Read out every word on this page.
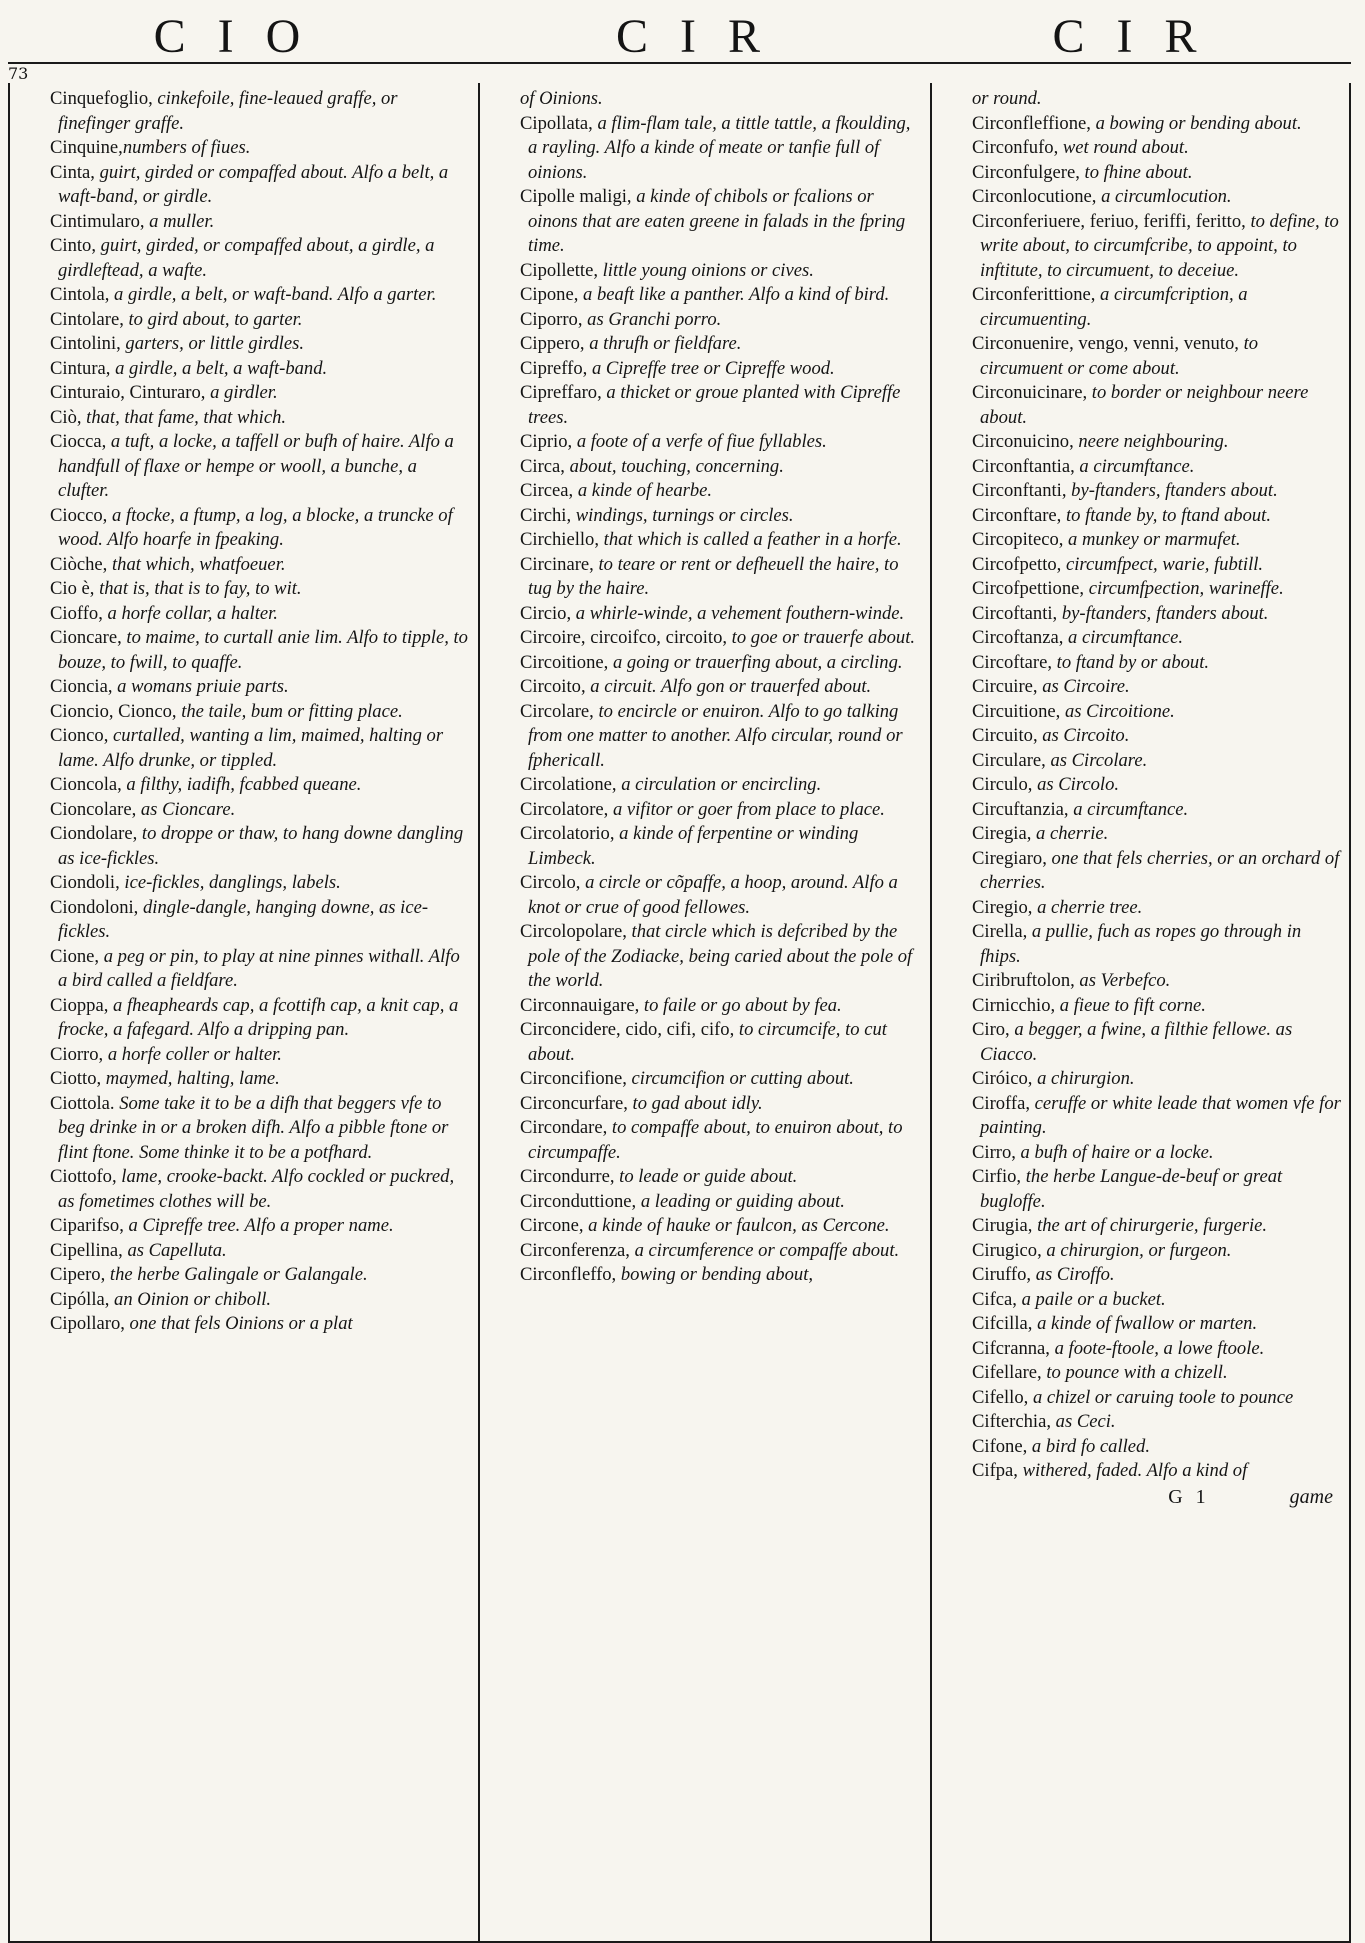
CIO	CIR	CIR
73

Cinquefoglio, cinkefoile, fine-leaued graffe, or finefinger graffe.

Cinquine,numbers of fiues.

Cinta, guirt, girded or compaffed about. Alfo a belt, a waft-band, or girdle.

Cintimularo, a muller.

Cinto, guirt, girded, or compaffed about, a girdle, a girdleftead, a wafte.

Cintola, a girdle, a belt, or waft-band. Alfo a garter.

Cintolare, to gird about, to garter.

Cintolini, garters, or little girdles.

Cintura, a girdle, a belt, a waft-band.

Cinturaio, Cinturaro, a girdler.

Ciò, that, that fame, that which.

Ciocca, a tuft, a locke, a taffell or bufh of haire. Alfo a handfull of flaxe or hempe or wooll, a bunche, a clufter.

Ciocco, a ftocke, a ftump, a log, a blocke, a truncke of wood. Alfo hoarfe in fpeaking.

Ciòche, that which, whatfoeuer.

Cio è, that is, that is to fay, to wit.

Cioffo, a horfe collar, a halter.

Cioncare, to maime, to curtall anie lim. Alfo to tipple, to bouze, to fwill, to quaffe.

Cioncia, a womans priuie parts.

Cioncio, Cionco, the taile, bum or fitting place.

Cionco, curtalled, wanting a lim, maimed, halting or lame. Alfo drunke, or tippled.

Cioncola, a filthy, iadifh, fcabbed queane.

Cioncolare, as Cioncare.

Ciondolare, to droppe or thaw, to hang downe dangling as ice-fickles.

Ciondoli, ice-fickles, danglings, labels.

Ciondoloni, dingle-dangle, hanging downe, as ice-fickles.

Cione, a peg or pin, to play at nine pinnes withall. Alfo a bird called a fieldfare.

Cioppa, a fheapheards cap, a fcottifh cap, a knit cap, a frocke, a fafegard. Alfo a dripping pan.

Ciorro, a horfe coller or halter.

Ciotto, maymed, halting, lame.

Ciottola. Some take it to be a difh that beggers vfe to beg drinke in or a broken difh. Alfo a pibble ftone or flint ftone. Some thinke it to be a potfhard.

Ciottofo, lame, crooke-backt. Alfo cockled or puckred, as fometimes clothes will be.

Ciparifso, a Cipreffe tree. Alfo a proper name.

Cipellina, as Capelluta.

Cipero, the herbe Galingale or Galangale.

Cipólla, an Oinion or chiboll.

Cipollaro, one that fels Oinions or a plat

of Oinions.

Cipollata, a flim-flam tale, a tittle tattle, a fkoulding, a rayling. Alfo a kinde of meate or tanfie full of oinions.

Cipolle maligi, a kinde of chibols or fcalions or oinons that are eaten greene in falads in the fpring time.

Cipollette, little young oinions or cives.

Cipone, a beaft like a panther. Alfo a kind of bird.

Ciporro, as Granchi porro.

Cippero, a thrufh or fieldfare.

Cipreffo, a Cipreffe tree or Cipreffe wood.

Cipreffaro, a thicket or groue planted with Cipreffe trees.

Ciprio, a foote of a verfe of fiue fyllables.

Circa, about, touching, concerning.

Circea, a kinde of hearbe.

Circhi, windings, turnings or circles.

Circhiello, that which is called a feather in a horfe.

Circinare, to teare or rent or defheuell the haire, to tug by the haire.

Circio, a whirle-winde, a vehement fouthern-winde.

Circoire, circoifco, circoito, to goe or trauerfe about.

Circoitione, a going or trauerfing about, a circling.

Circoito, a circuit. Alfo gon or trauerfed about.

Circolare, to encircle or enuiron. Alfo to go talking from one matter to another. Alfo circular, round or fphericall.

Circolatione, a circulation or encircling.

Circolatore, a vifitor or goer from place to place.

Circolatorio, a kinde of ferpentine or winding Limbeck.

Circolo, a circle or cõpaffe, a hoop, around. Alfo a knot or crue of good fellowes.

Circolopolare, that circle which is defcribed by the pole of the Zodiacke, being caried about the pole of the world.

Circonnauigare, to faile or go about by fea.

Circoncidere, cido, cifi, cifo, to circumcife, to cut about.

Circoncifione, circumcifion or cutting about.

Circoncurfare, to gad about idly.

Circondare, to compaffe about, to enuiron about, to circumpaffe.

Circondurre, to leade or guide about.

Circonduttione, a leading or guiding about.

Circone, a kinde of hauke or faulcon, as Cercone.

Circonferenza, a circumference or compaffe about.

Circonfleffo, bowing or bending about,

or round.

Circonfleffione, a bowing or bending about.

Circonfufo, wet round about.

Circonfulgere, to fhine about.

Circonlocutione, a circumlocution.

Circonferiuere, feriuo, feriffi, feritto, to define, to write about, to circumfcribe, to appoint, to inftitute, to circumuent, to deceiue.

Circonferittione, a circumfcription, a circumuenting.

Circonuenire, vengo, venni, venuto, to circumuent or come about.

Circonuicinare, to border or neighbour neere about.

Circonuicino, neere neighbouring.

Circonftantia, a circumftance.

Circonftanti, by-ftanders, ftanders about.

Circonftare, to ftande by, to ftand about.

Circopiteco, a munkey or marmufet.

Circofpetto, circumfpect, warie, fubtill.

Circofpettione, circumfpection, warineffe.

Circoftanti, by-ftanders, ftanders about.

Circoftanza, a circumftance.

Circoftare, to ftand by or about.

Circuire, as Circoire.

Circuitione, as Circoitione.

Circuito, as Circoito.

Circulare, as Circolare.

Circulo, as Circolo.

Circuftanzia, a circumftance.

Ciregia, a cherrie.

Ciregiaro, one that fels cherries, or an orchard of cherries.

Ciregio, a cherrie tree.

Cirella, a pullie, fuch as ropes go through in fhips.

Ciribruftolon, as Verbefco.

Cirnicchio, a fieue to fift corne.

Ciro, a begger, a fwine, a filthie fellowe. as Ciacco.

Ciróico, a chirurgion.

Ciroffa, ceruffe or white leade that women vfe for painting.

Cirro, a bufh of haire or a locke.

Cirfio, the herbe Langue-de-beuf or great bugloffe.

Cirugia, the art of chirurgerie, furgerie.

Cirugico, a chirurgion, or furgeon.

Ciruffo, as Ciroffo.

Cifca, a paile or a bucket.

Cifcilla, a kinde of fwallow or marten.

Cifcranna, a foote-ftoole, a lowe ftoole.

Cifellare, to pounce with a chizell.

Cifello, a chizel or caruing toole to pounce

Cifterchia, as Ceci.

Cifone, a bird fo called.

Cifpa, withered, faded. Alfo a kind of

G 1	game
